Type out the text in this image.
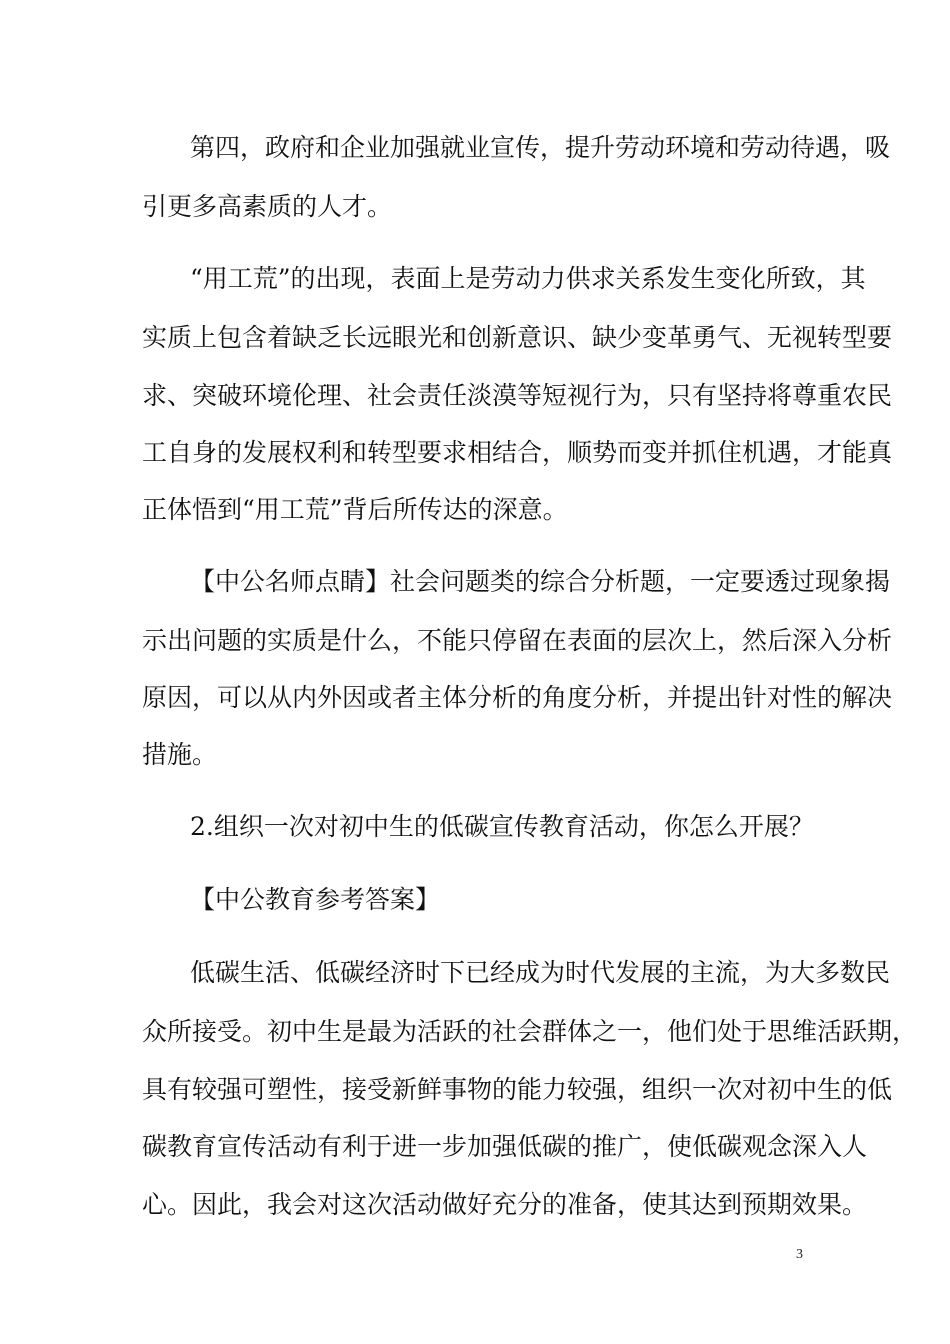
第四，政府和企业加强就业宣传，提升劳动环境和劳动待遇，吸
引更多高素质的人才。
“用工荒”的出现，表面上是劳动力供求关系发生变化所致，其
实质上包含着缺乏长远眼光和创新意识、缺少变革勇气、无视转型要
求、突破环境伦理、社会责任淡漠等短视行为，只有坚持将尊重农民
工自身的发展权利和转型要求相结合，顺势而变并抓住机遇，才能真
正体悟到“用工荒”背后所传达的深意。
【中公名师点睛】社会问题类的综合分析题，一定要透过现象揭
示出问题的实质是什么，不能只停留在表面的层次上，然后深入分析
原因，可以从内外因或者主体分析的角度分析，并提出针对性的解决
措施。
2.组织一次对初中生的低碳宣传教育活动，你怎么开展？
【中公教育参考答案】
低碳生活、低碳经济时下已经成为时代发展的主流，为大多数民
众所接受。初中生是最为活跃的社会群体之一，他们处于思维活跃期，
具有较强可塑性，接受新鲜事物的能力较强，组织一次对初中生的低
碳教育宣传活动有利于进一步加强低碳的推广，使低碳观念深入人
心。因此，我会对这次活动做好充分的准备，使其达到预期效果。
3
